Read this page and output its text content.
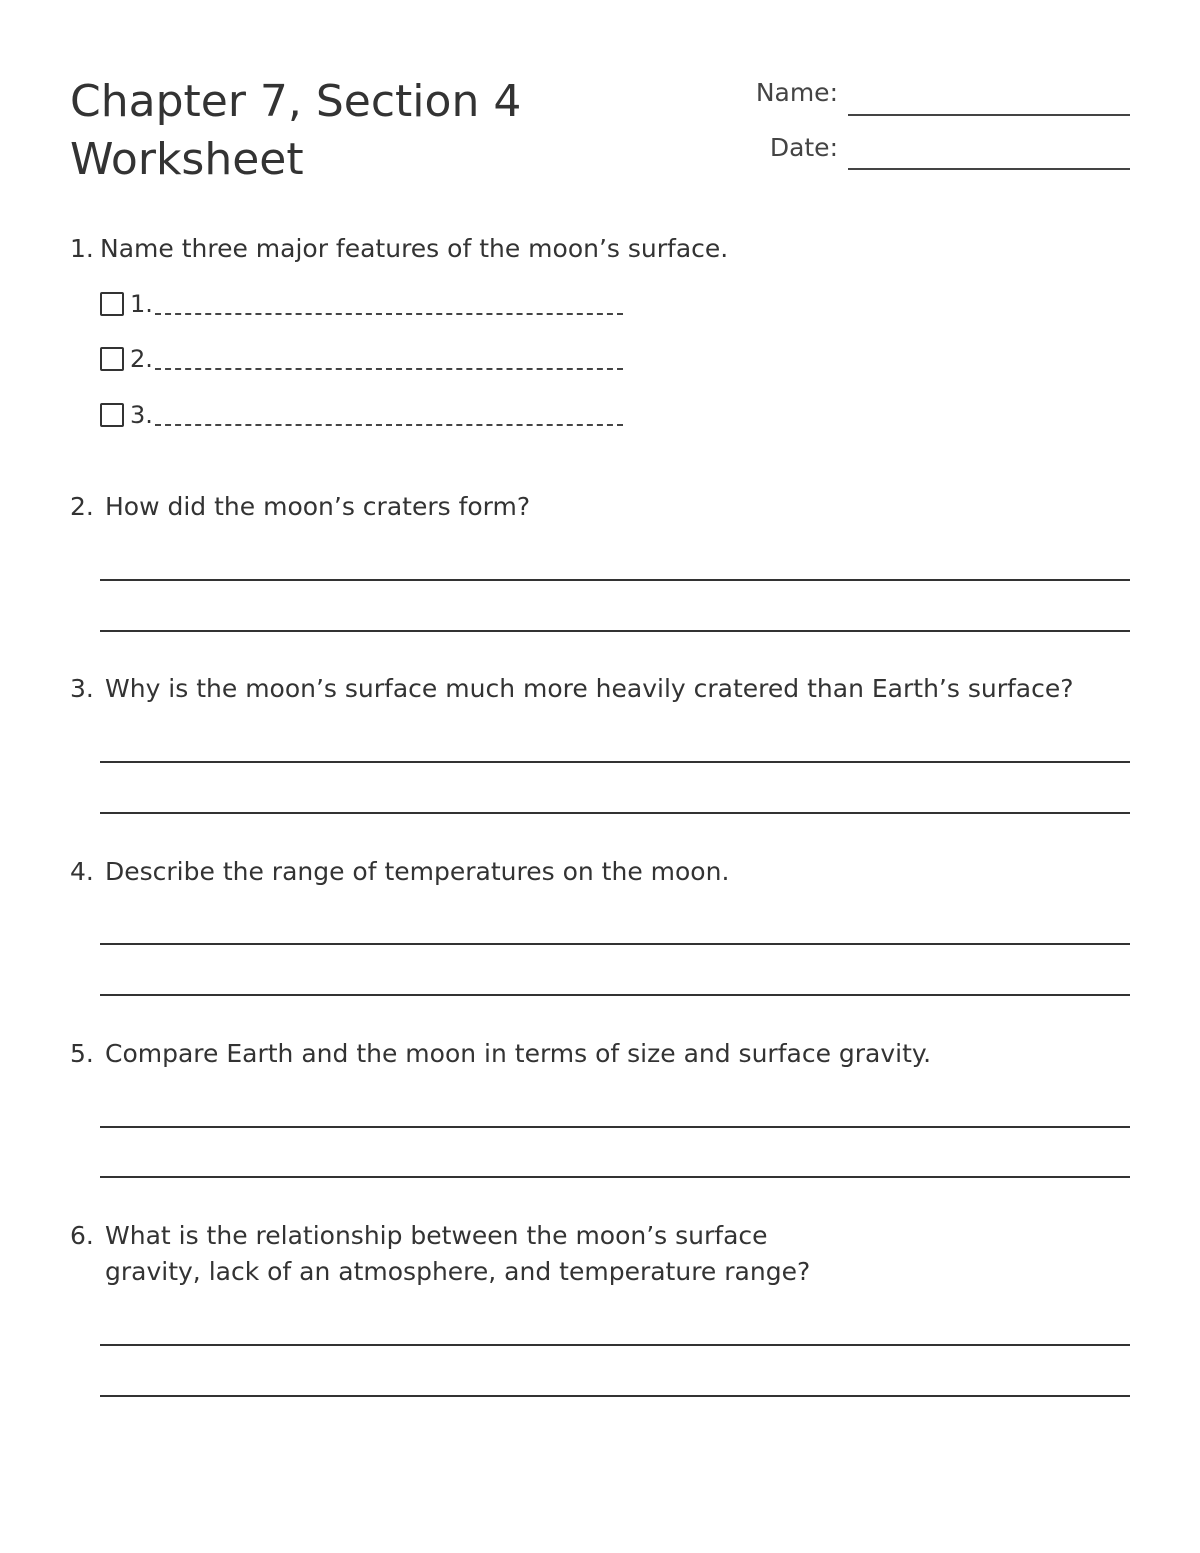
Chapter 7, Section 4
Worksheet
Name:
Date:
1. Name three major features of the moon’s surface.
1.
2.
3.
2. How did the moon’s craters form?
3. Why is the moon’s surface much more heavily cratered than Earth’s surface?
4. Describe the range of temperatures on the moon.
5. Compare Earth and the moon in terms of size and surface gravity.
6. What is the relationship between the moon’s surface
gravity, lack of an atmosphere, and temperature range?
